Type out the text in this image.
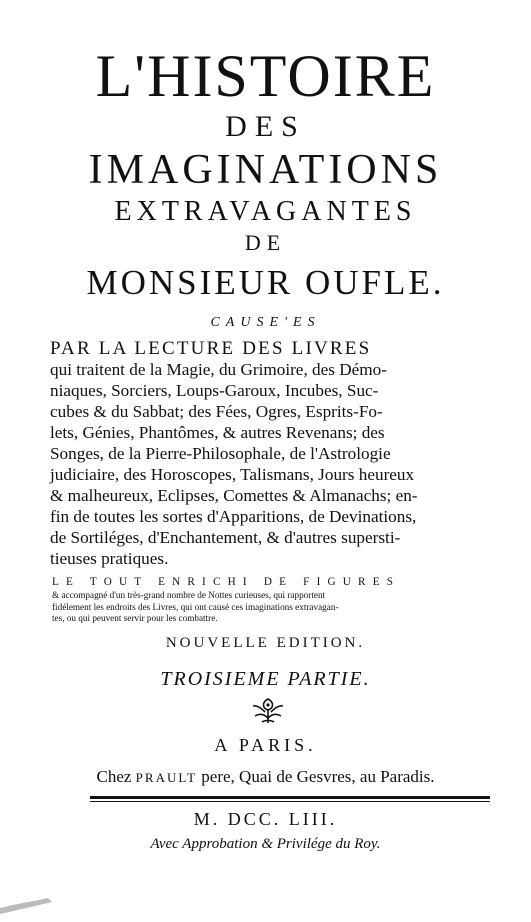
L'HISTOIRE
DES
IMAGINATIONS
EXTRAVAGANTES
DE
MONSIEUR OUFLE.
CAUSE'ES
PAR LA LECTURE DES LIVRES
qui traitent de la Magie, du Grimoire, des Démo-
niaques, Sorciers, Loups-Garoux, Incubes, Suc-
cubes & du Sabbat; des Fées, Ogres, Esprits-Fo-
lets, Génies, Phantômes, & autres Revenans; des
Songes, de la Pierre-Philosophale, de l'Astrologie
judiciaire, des Horoscopes, Talismans, Jours heureux
& malheureux, Eclipses, Comettes & Almanachs; en-
fin de toutes les sortes d'Apparitions, de Devinations,
de Sortiléges, d'Enchantement, & d'autres supersti-
tieuses pratiques.
LE TOUT ENRICHI DE FIGURES
& accompagné d'un très-grand nombre de Nottes curieuses, qui rapportent
fidélement les endroits des Livres, qui ont causé ces imaginations extravagan-
tes, ou qui peuvent servir pour les combattre.
NOUVELLE EDITION.
TROISIEME PARTIE.
A PARIS.
Chez PRAULT pere, Quai de Gesvres, au Paradis.
M. DCC. LIII.
Avec Approbation & Privilége du Roy.
